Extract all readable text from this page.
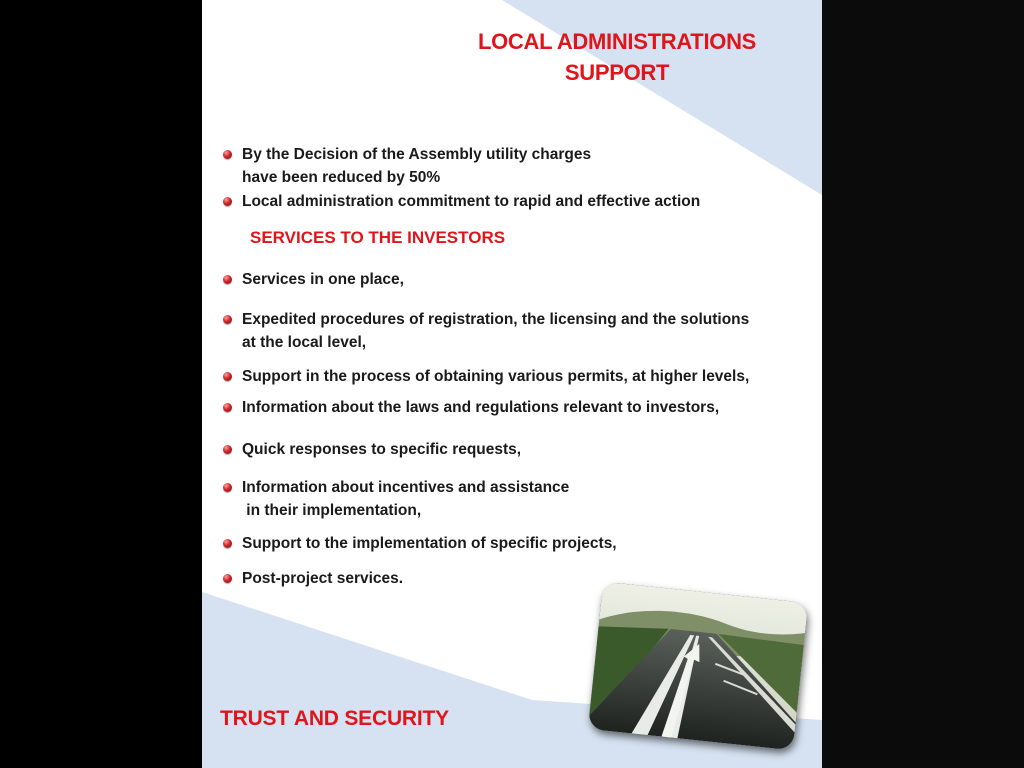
LOCAL ADMINISTRATIONS
SUPPORT
By the Decision of the Assembly utility charges
have been reduced by 50%
Local administration commitment to rapid and effective action
SERVICES TO THE INVESTORS
Services in one place,
Expedited procedures of registration, the licensing and the solutions
at the local level,
Support in the process of obtaining various permits, at higher levels,
Information about the laws and regulations relevant to investors,
Quick responses to specific requests,
Information about incentives and assistance
in their implementation,
Support to the implementation of specific projects,
Post-project services.
TRUST AND SECURITY
